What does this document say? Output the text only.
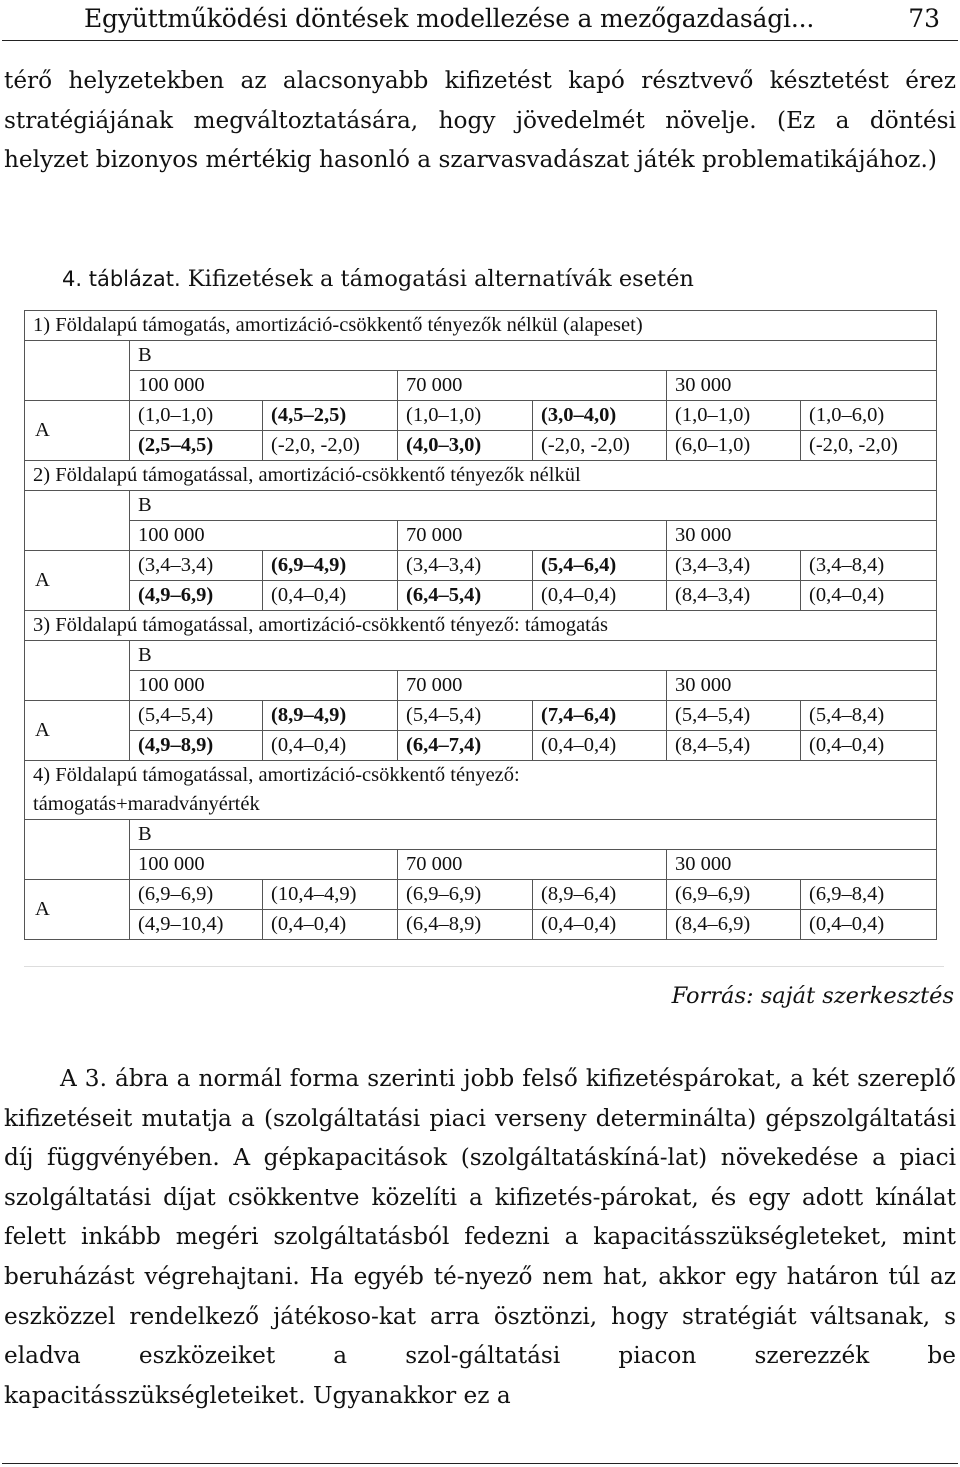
Együttműködési döntések modellezése a mezőgazdasági...	73

térő helyzetekben az alacsonyabb kifizetést kapó résztvevő késztetést érez stratégiájának megváltoztatására, hogy jövedelmét növelje. (Ez a döntési helyzet bizonyos mértékig hasonló a szarvasvadászat játék problematikájához.)

4. táblázat. Kifizetések a támogatási alternatívák esetén
1) Földalapú támogatás, amortizáció-csökkentő tényezők nélkül (alapeset)						
	B					
	100 000		70 000		30 000	
A	(1,0–1,0)	(4,5–2,5)	(1,0–1,0)	(3,0–4,0)	(1,0–1,0)	(1,0–6,0)
	(2,5–4,5)	(-2,0, -2,0)	(4,0–3,0)	(-2,0, -2,0)	(6,0–1,0)	(-2,0, -2,0)
2) Földalapú támogatással, amortizáció-csökkentő tényezők nélkül						
	B					
	100 000		70 000		30 000	
A	(3,4–3,4)	(6,9–4,9)	(3,4–3,4)	(5,4–6,4)	(3,4–3,4)	(3,4–8,4)
	(4,9–6,9)	(0,4–0,4)	(6,4–5,4)	(0,4–0,4)	(8,4–3,4)	(0,4–0,4)
3) Földalapú támogatással, amortizáció-csökkentő tényező: támogatás						
	B					
	100 000		70 000		30 000	
A	(5,4–5,4)	(8,9–4,9)	(5,4–5,4)	(7,4–6,4)	(5,4–5,4)	(5,4–8,4)
	(4,9–8,9)	(0,4–0,4)	(6,4–7,4)	(0,4–0,4)	(8,4–5,4)	(0,4–0,4)
4) Földalapú támogatással, amortizáció-csökkentő tényező:
támogatás+maradványérték						
	B					
	100 000		70 000		30 000	
A	(6,9–6,9)	(10,4–4,9)	(6,9–6,9)	(8,9–6,4)	(6,9–6,9)	(6,9–8,4)
	(4,9–10,4)	(0,4–0,4)	(6,4–8,9)	(0,4–0,4)	(8,4–6,9)	(0,4–0,4)
Forrás: saját szerkesztés

A 3. ábra a normál forma szerinti jobb felső kifizetéspárokat, a két szereplő kifizetéseit mutatja a (szolgáltatási piaci verseny determinálta) gépszolgáltatási díj függvényében. A gépkapacitások (szolgáltatáskíná-lat) növekedése a piaci szolgáltatási díjat csökkentve közelíti a kifizetés-párokat, és egy adott kínálat felett inkább megéri szolgáltatásból fedezni a kapacitásszükségleteket, mint beruházást végrehajtani. Ha egyéb té-nyező nem hat, akkor egy határon túl az eszközzel rendelkező játékoso-kat arra ösztönzi, hogy stratégiát váltsanak, s eladva eszközeiket a szol-gáltatási piacon szerezzék be kapacitásszükségleteiket. Ugyanakkor ez a
